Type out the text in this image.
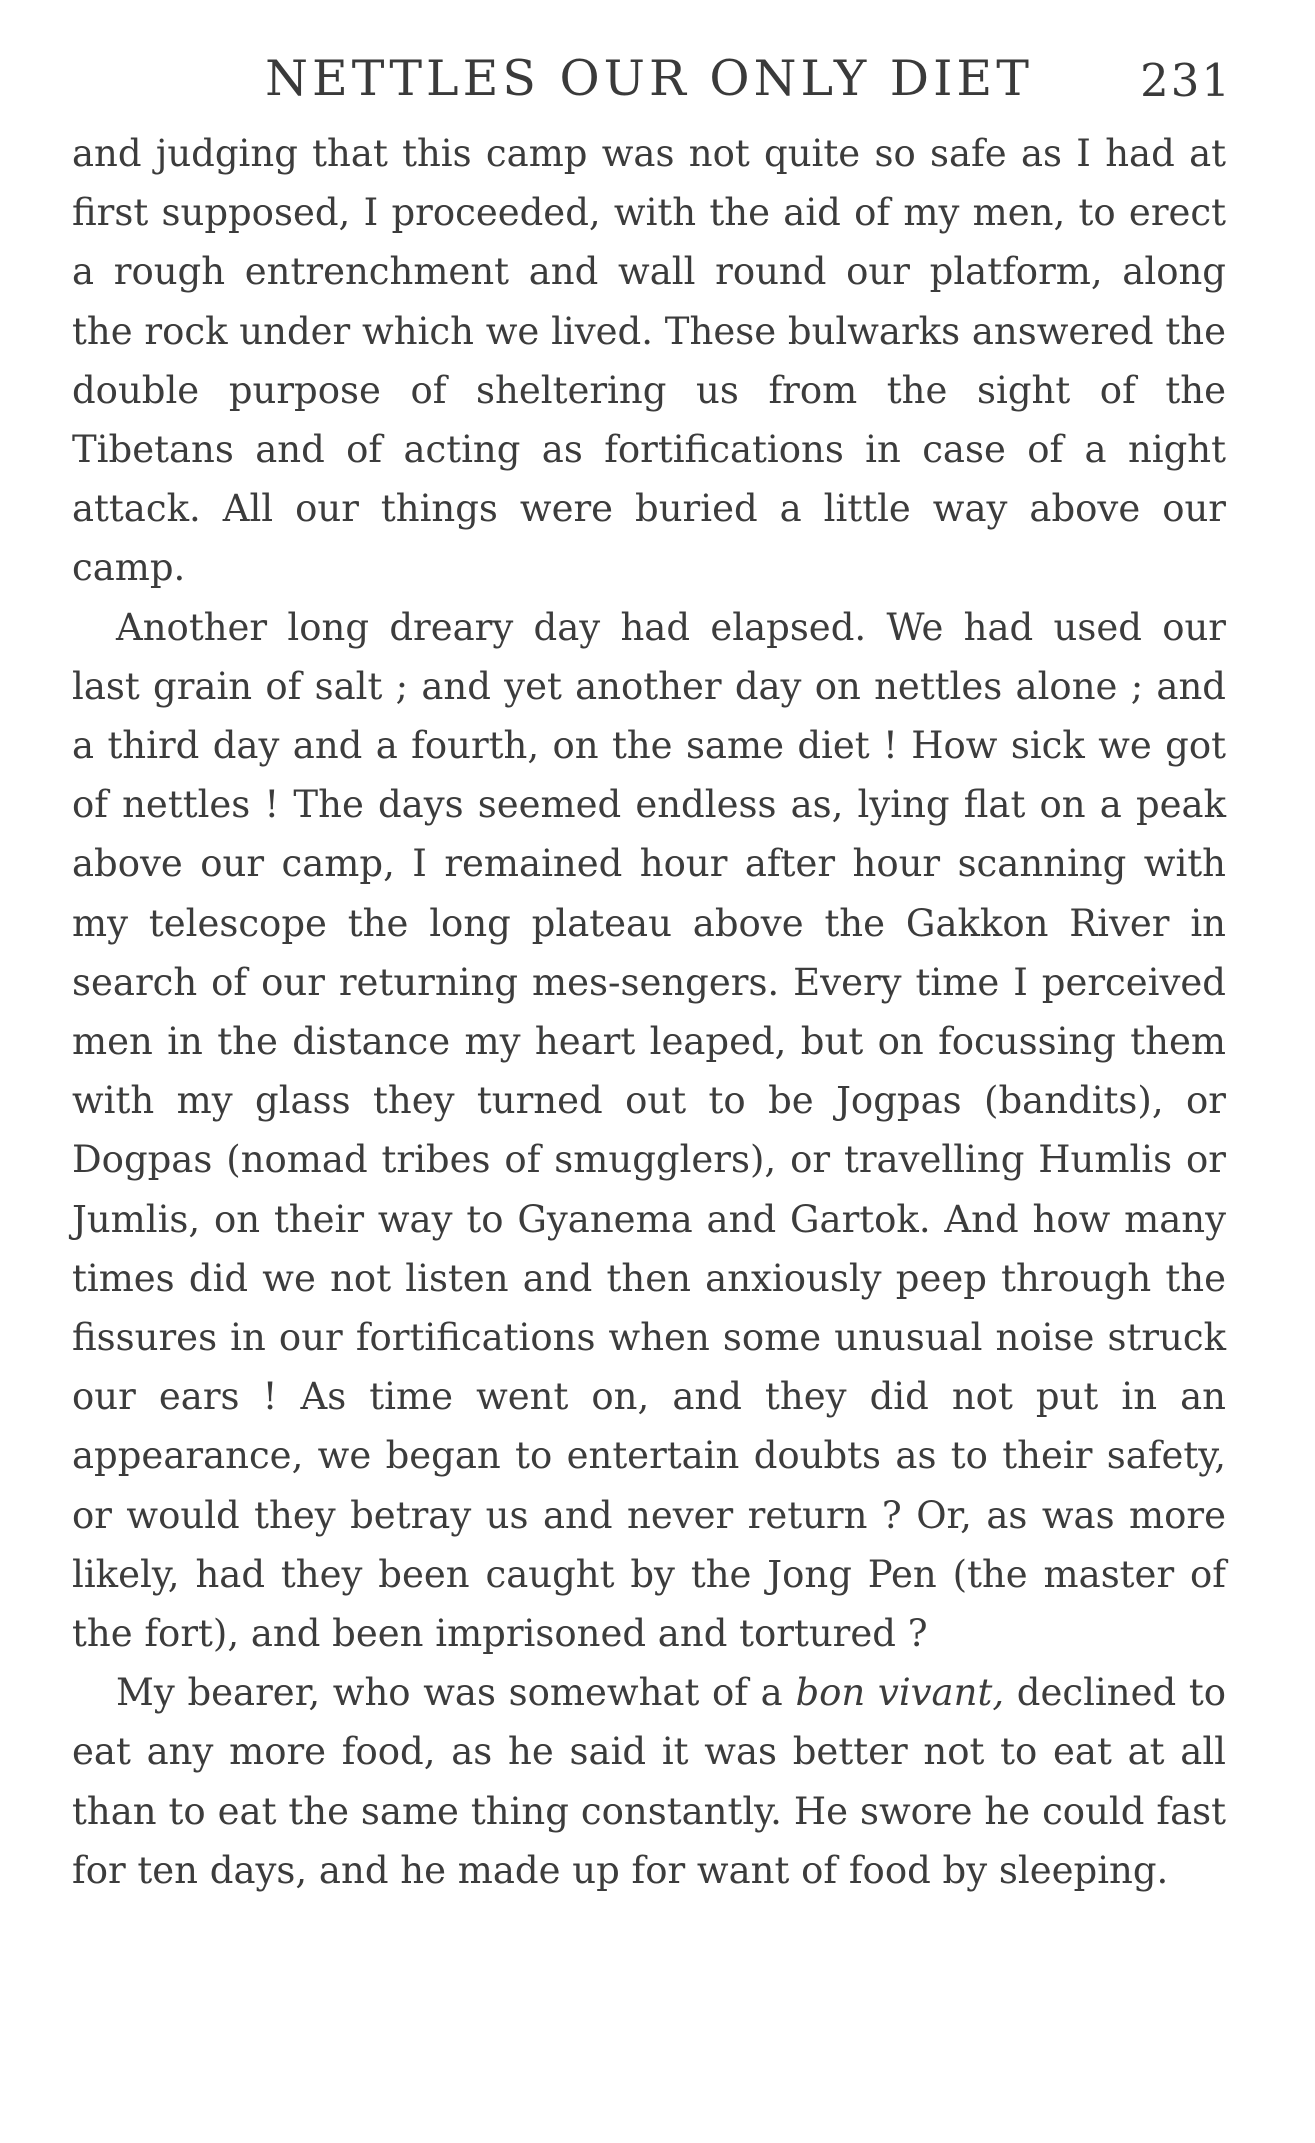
NETTLES OUR ONLY DIET	231

and judging that this camp was not quite so safe as I had at first supposed, I proceeded, with the aid of my men, to erect a rough entrenchment and wall round our platform, along the rock under which we lived. These bulwarks answered the double purpose of sheltering us from the sight of the Tibetans and of acting as fortifications in case of a night attack. All our things were buried a little way above our camp.

Another long dreary day had elapsed. We had used our last grain of salt ; and yet another day on nettles alone ; and a third day and a fourth, on the same diet ! How sick we got of nettles ! The days seemed endless as, lying flat on a peak above our camp, I remained hour after hour scanning with my telescope the long plateau above the Gakkon River in search of our returning mes-sengers. Every time I perceived men in the distance my heart leaped, but on focussing them with my glass they turned out to be Jogpas (bandits), or Dogpas (nomad tribes of smugglers), or travelling Humlis or Jumlis, on their way to Gyanema and Gartok. And how many times did we not listen and then anxiously peep through the fissures in our fortifications when some unusual noise struck our ears ! As time went on, and they did not put in an appearance, we began to entertain doubts as to their safety, or would they betray us and never return ? Or, as was more likely, had they been caught by the Jong Pen (the master of the fort), and been imprisoned and tortured ?

My bearer, who was somewhat of a bon vivant, declined to eat any more food, as he said it was better not to eat at all than to eat the same thing constantly. He swore he could fast for ten days, and he made up for want of food by sleeping.
